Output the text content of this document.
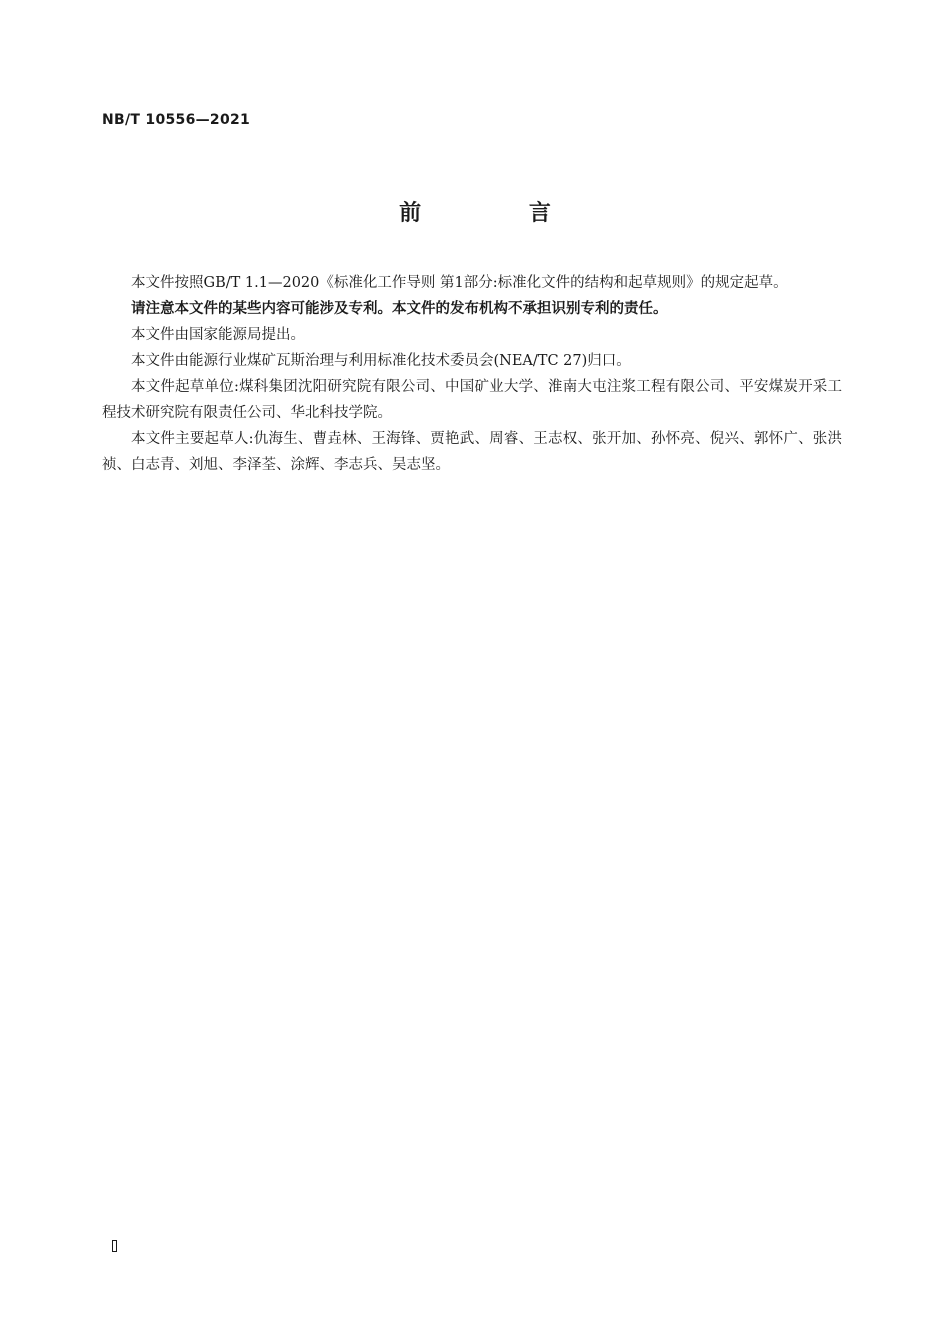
NB/T 10556—2021
前 言

本文件按照GB/T 1.1—2020《标准化工作导则 第1部分:标准化文件的结构和起草规则》的规定起草。

请注意本文件的某些内容可能涉及专利。本文件的发布机构不承担识别专利的责任。

本文件由国家能源局提出。

本文件由能源行业煤矿瓦斯治理与利用标准化技术委员会(NEA/TC 27)归口。

本文件起草单位:煤科集团沈阳研究院有限公司、中国矿业大学、淮南大屯注浆工程有限公司、平安煤炭开采工程技术研究院有限责任公司、华北科技学院。

本文件主要起草人:仇海生、曹垚林、王海锋、贾艳武、周睿、王志权、张开加、孙怀亮、倪兴、郭怀广、张洪祯、白志青、刘旭、李泽荃、涂辉、李志兵、吴志坚。
